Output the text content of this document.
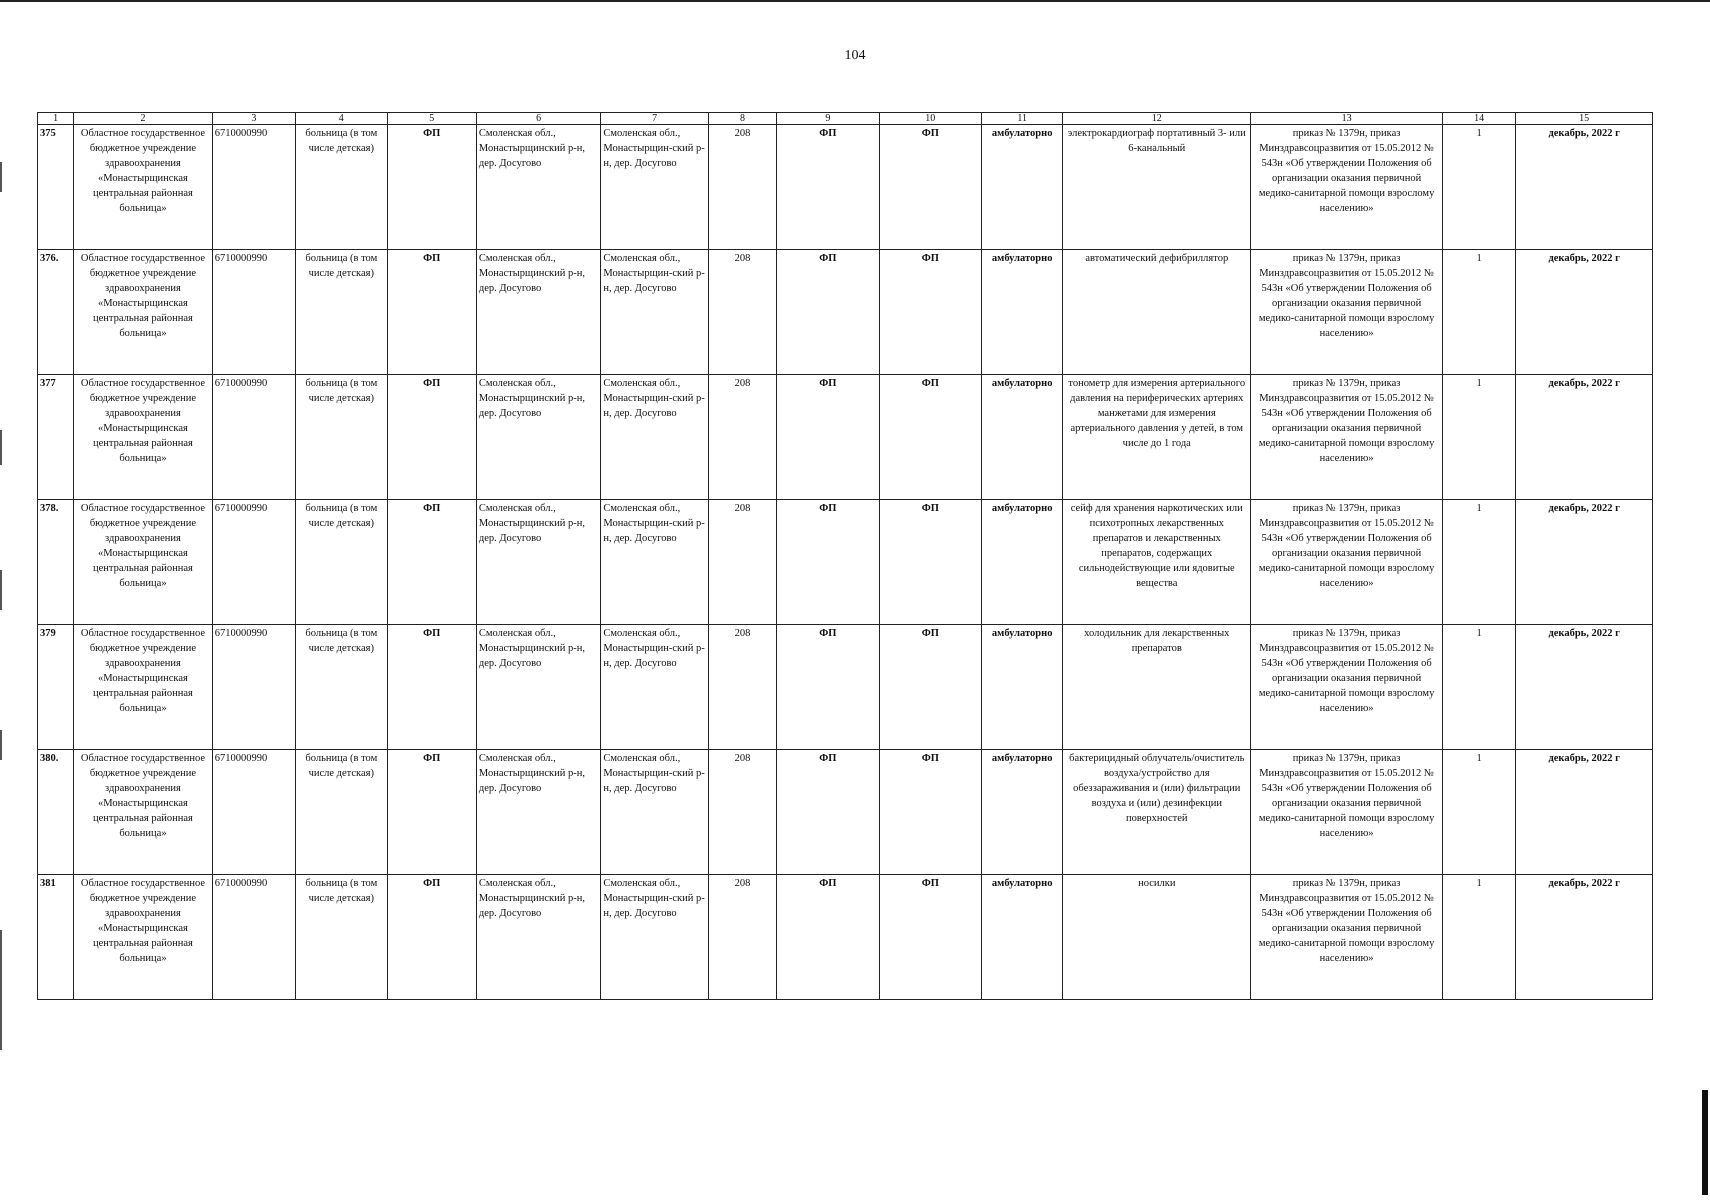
104
1	2	3	4	5	6	7	8	9	10	11	12	13	14	15
375	Областное государственное бюджетное учреждение здравоохранения «Монастырщинская центральная районная больница»	6710000990	больница (в том числе детская)	ФП	Смоленская обл., Монастырщинский р-н, дер. Досугово	Смоленская обл., Монастырщин-ский р-н, дер. Досугово	208	ФП	ФП	амбулаторно	электрокардиограф портативный 3- или 6-канальный	приказ № 1379н, приказ Минздравсоцразвития от 15.05.2012 № 543н «Об утверждении Положения об организации оказания первичной медико-санитарной помощи взрослому населению»	1	декабрь, 2022 г
376.	Областное государственное бюджетное учреждение здравоохранения «Монастырщинская центральная районная больница»	6710000990	больница (в том числе детская)	ФП	Смоленская обл., Монастырщинский р-н, дер. Досугово	Смоленская обл., Монастырщин-ский р-н, дер. Досугово	208	ФП	ФП	амбулаторно	автоматический дефибриллятор	приказ № 1379н, приказ Минздравсоцразвития от 15.05.2012 № 543н «Об утверждении Положения об организации оказания первичной медико-санитарной помощи взрослому населению»	1	декабрь, 2022 г
377	Областное государственное бюджетное учреждение здравоохранения «Монастырщинская центральная районная больница»	6710000990	больница (в том числе детская)	ФП	Смоленская обл., Монастырщинский р-н, дер. Досугово	Смоленская обл., Монастырщин-ский р-н, дер. Досугово	208	ФП	ФП	амбулаторно	тонометр для измерения артериального давления на периферических артериях манжетами для измерения артериального давления у детей, в том числе до 1 года	приказ № 1379н, приказ Минздравсоцразвития от 15.05.2012 № 543н «Об утверждении Положения об организации оказания первичной медико-санитарной помощи взрослому населению»	1	декабрь, 2022 г
378.	Областное государственное бюджетное учреждение здравоохранения «Монастырщинская центральная районная больница»	6710000990	больница (в том числе детская)	ФП	Смоленская обл., Монастырщинский р-н, дер. Досугово	Смоленская обл., Монастырщин-ский р-н, дер. Досугово	208	ФП	ФП	амбулаторно	сейф для хранения наркотических или психотропных лекарственных препаратов и лекарственных препаратов, содержащих сильнодействующие или ядовитые вещества	приказ № 1379н, приказ Минздравсоцразвития от 15.05.2012 № 543н «Об утверждении Положения об организации оказания первичной медико-санитарной помощи взрослому населению»	1	декабрь, 2022 г
379	Областное государственное бюджетное учреждение здравоохранения «Монастырщинская центральная районная больница»	6710000990	больница (в том числе детская)	ФП	Смоленская обл., Монастырщинский р-н, дер. Досугово	Смоленская обл., Монастырщин-ский р-н, дер. Досугово	208	ФП	ФП	амбулаторно	холодильник для лекарственных препаратов	приказ № 1379н, приказ Минздравсоцразвития от 15.05.2012 № 543н «Об утверждении Положения об организации оказания первичной медико-санитарной помощи взрослому населению»	1	декабрь, 2022 г
380.	Областное государственное бюджетное учреждение здравоохранения «Монастырщинская центральная районная больница»	6710000990	больница (в том числе детская)	ФП	Смоленская обл., Монастырщинский р-н, дер. Досугово	Смоленская обл., Монастырщин-ский р-н, дер. Досугово	208	ФП	ФП	амбулаторно	бактерицидный облучатель/очиститель воздуха/устройство для обеззараживания и (или) фильтрации воздуха и (или) дезинфекции поверхностей	приказ № 1379н, приказ Минздравсоцразвития от 15.05.2012 № 543н «Об утверждении Положения об организации оказания первичной медико-санитарной помощи взрослому населению»	1	декабрь, 2022 г
381	Областное государственное бюджетное учреждение здравоохранения «Монастырщинская центральная районная больница»	6710000990	больница (в том числе детская)	ФП	Смоленская обл., Монастырщинский р-н, дер. Досугово	Смоленская обл., Монастырщин-ский р-н, дер. Досугово	208	ФП	ФП	амбулаторно	носилки	приказ № 1379н, приказ Минздравсоцразвития от 15.05.2012 № 543н «Об утверждении Положения об организации оказания первичной медико-санитарной помощи взрослому населению»	1	декабрь, 2022 г
